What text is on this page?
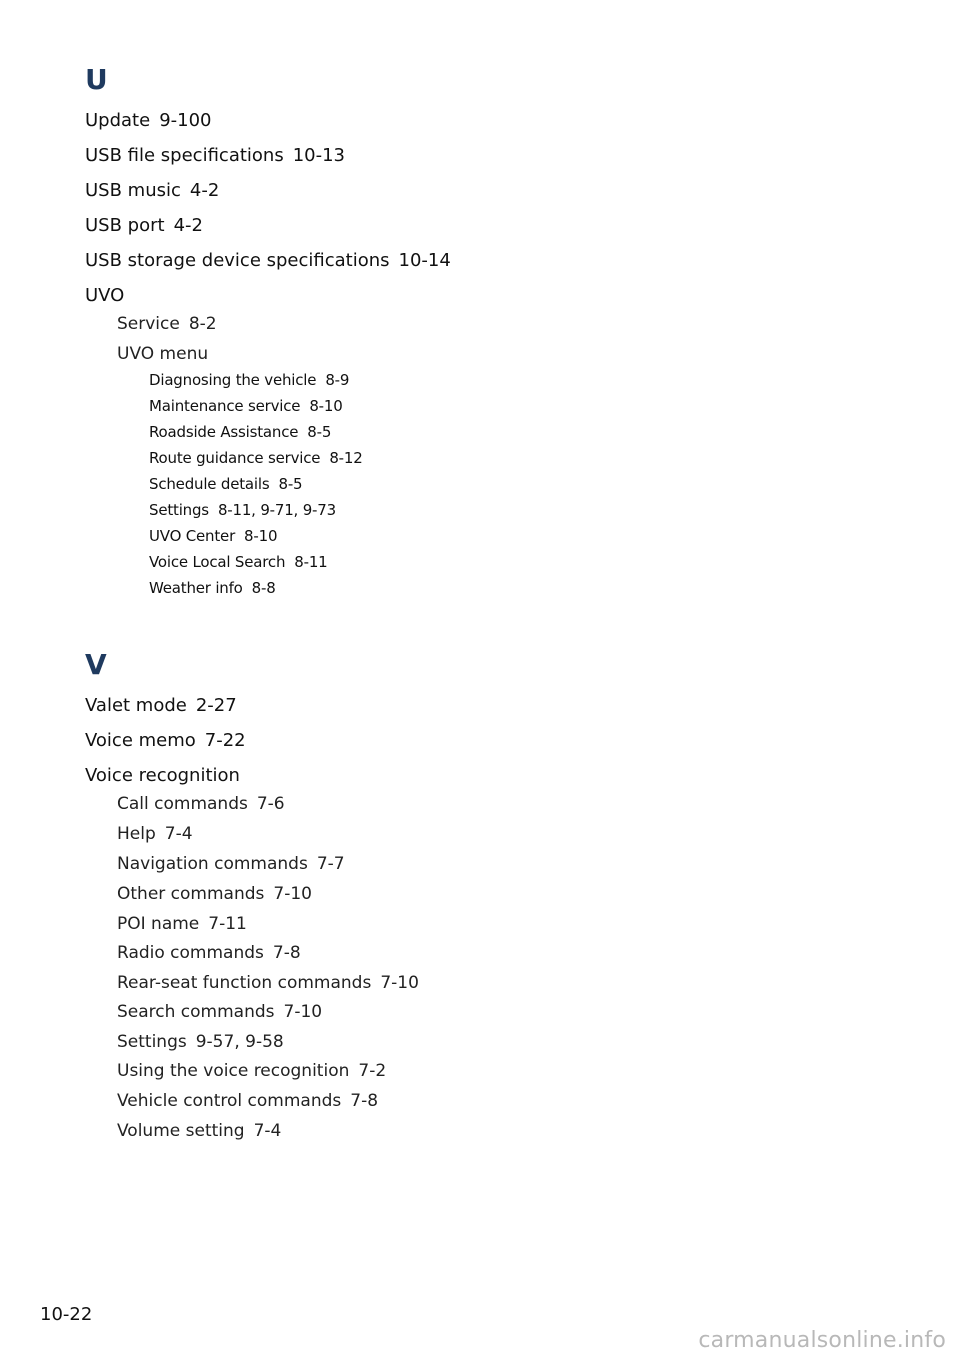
U
Update 9-100
USB file specifications 10-13
USB music 4-2
USB port 4-2
USB storage device specifications 10-14
UVO
Service 8-2
UVO menu
Diagnosing the vehicle 8-9
Maintenance service 8-10
Roadside Assistance 8-5
Route guidance service 8-12
Schedule details 8-5
Settings 8-11, 9-71, 9-73
UVO Center 8-10
Voice Local Search 8-11
Weather info 8-8
V
Valet mode 2-27
Voice memo 7-22
Voice recognition
Call commands 7-6
Help 7-4
Navigation commands 7-7
Other commands 7-10
POI name 7-11
Radio commands 7-8
Rear-seat function commands 7-10
Search commands 7-10
Settings 9-57, 9-58
Using the voice recognition 7-2
Vehicle control commands 7-8
Volume setting 7-4
10-22
carmanualsonline.info
